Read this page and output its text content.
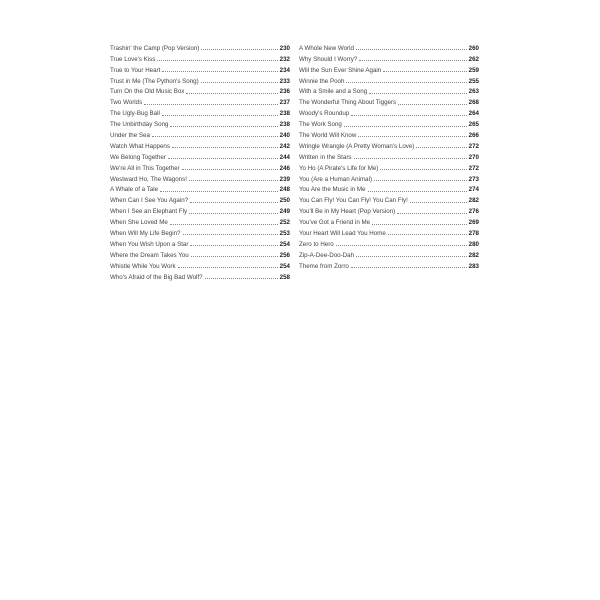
Trashin' the Camp (Pop Version)	230
True Love's Kiss	232
True to Your Heart	234
Trust in Me (The Python's Song)	233
Turn On the Old Music Box	236
Two Worlds	237
The Ugly-Bug Ball	238
The Unbirthday Song	238
Under the Sea	240
Watch What Happens	242
We Belong Together	244
We're All in This Together	246
Westward Ho, The Wagons!	239
A Whale of a Tale	248
When Can I See You Again?	250
When I See an Elephant Fly	249
When She Loved Me	252
When Will My Life Begin?	253
When You Wish Upon a Star	254
Where the Dream Takes You	256
Whistle While You Work	254
Who's Afraid of the Big Bad Wolf?	258
A Whole New World	260
Why Should I Worry?	262
Will the Sun Ever Shine Again	259
Winnie the Pooh	255
With a Smile and a Song	263
The Wonderful Thing About Tiggers	268
Woody's Roundup	264
The Work Song	265
The World Will Know	266
Wringle Wrangle (A Pretty Woman's Love)	272
Written in the Stars	270
Yo Ho (A Pirate's Life for Me)	272
You (Are a Human Animal)	273
You Are the Music in Me	274
You Can Fly! You Can Fly! You Can Fly!	282
You'll Be in My Heart (Pop Version)	276
You've Got a Friend in Me	269
Your Heart Will Lead You Home	278
Zero to Hero	280
Zip-A-Dee-Doo-Dah	282
Theme from Zorro	283
